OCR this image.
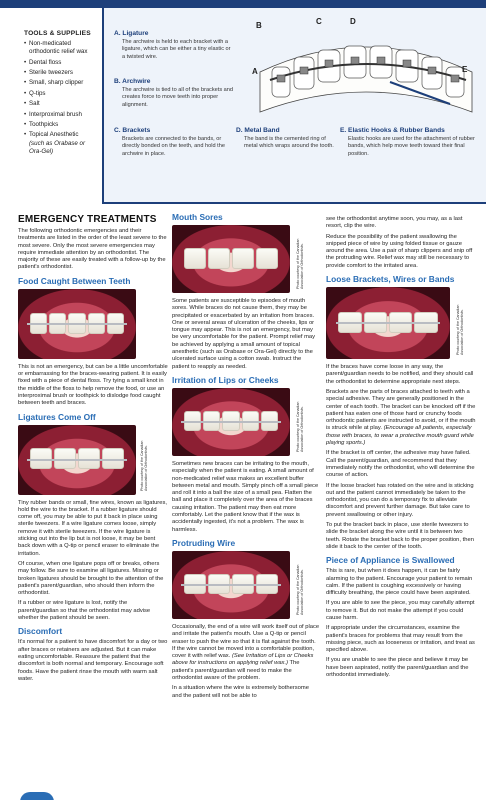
TOOLS & SUPPLIES
• Non-medicated orthodontic relief wax
• Dental floss
• Sterile tweezers
• Small, sharp clipper
• Q-tips
• Salt
• Interproximal brush
• Toothpicks
• Topical Anesthetic
(such as Orabase or Ora-Gel)
A. Ligature

The archwire is held to each bracket with a ligature, which can be either a tiny elastic or a twisted wire.

B. Archwire

The archwire is tied to all of the brackets and creates force to move teeth into proper alignment.

C. Brackets

Brackets are connected to the bands, or directly bonded on the teeth, and hold the archwire in place.

D. Metal Band

The band is the cemented ring of metal which wraps around the tooth.

E. Elastic Hooks & Rubber Bands

Elastic hooks are used for the attachment of rubber bands, which help move teeth toward their final position.

B	C	D
A	E
EMERGENCY TREATMENTS

The following orthodontic emergencies and their treatments are listed in the order of the least severe to the most severe. Only the most severe emergencies may require immediate attention by an orthodontist. The majority of these are easily treated with a follow-up by the patient's orthodontist.

Food Caught Between Teeth

This is not an emergency, but can be a little uncomfortable or embarrassing for the braces-wearing patient. It is easily fixed with a piece of dental floss. Try tying a small knot in the middle of the floss to help remove the food, or use an interproximal brush or toothpick to dislodge food caught between teeth and braces.

Ligatures Come Off
Photo courtesy of the Canadian Association of Orthodontists.

Tiny rubber bands or small, fine wires, known as ligatures, hold the wire to the bracket. If a rubber ligature should come off, you may be able to put it back in place using sterile tweezers. If a wire ligature comes loose, simply remove it with sterile tweezers. If the wire ligature is sticking out into the lip but is not loose, it may be bent back down with a Q-tip or pencil eraser to eliminate the irritation.

Of course, when one ligature pops off or breaks, others may follow. Be sure to examine all ligatures. Missing or broken ligatures should be brought to the attention of the patient's parent/guardian, who should then inform the orthodontist.

If a rubber or wire ligature is lost, notify the parent/guardian so that the orthodontist may advise whether the patient should be seen.

Discomfort

It's normal for a patient to have discomfort for a day or two after braces or retainers are adjusted. But it can make eating uncomfortable. Reassure the patient that the discomfort is both normal and temporary. Encourage soft foods. Have the patient rinse the mouth with warm salt water.

Mouth Sores
Photo courtesy of the Canadian Association of Orthodontists.

Some patients are susceptible to episodes of mouth sores. While braces do not cause them, they may be precipitated or exacerbated by an irritation from braces. One or several areas of ulceration of the cheeks, lips or tongue may appear. This is not an emergency, but may be very uncomfortable for the patient. Prompt relief may be achieved by applying a small amount of topical anesthetic (such as Orabase or Ora-Gel) directly to the ulcerated surface using a cotton swab. Instruct the patient to reapply as needed.

Irritation of Lips or Cheeks
Photo courtesy of the Canadian Association of Orthodontists.

Sometimes new braces can be irritating to the mouth, especially when the patient is eating. A small amount of non-medicated relief wax makes an excellent buffer between metal and mouth. Simply pinch off a small piece and roll it into a ball the size of a small pea. Flatten the ball and place it completely over the area of the braces causing irritation. The patient may then eat more comfortably. Let the patient know that if the wax is accidentally ingested, it's not a problem. The wax is harmless.

Protruding Wire
Photo courtesy of the Canadian Association of Orthodontists.

Occasionally, the end of a wire will work itself out of place and irritate the patient's mouth. Use a Q-tip or pencil eraser to push the wire so that it is flat against the tooth. If the wire cannot be moved into a comfortable position, cover it with relief wax. (See Irritation of Lips or Cheeks above for instructions on applying relief wax.) The patient's parent/guardian will need to make the orthodontist aware of the problem.

In a situation where the wire is extremely bothersome and the patient will not be able to

see the orthodontist anytime soon, you may, as a last resort, clip the wire.

Reduce the possibility of the patient swallowing the snipped piece of wire by using folded tissue or gauze around the area. Use a pair of sharp clippers and snip off the protruding wire. Relief wax may still be necessary to provide comfort to the irritated area.

Loose Brackets, Wires or Bands
Photo courtesy of the Canadian Association of Orthodontists.

If the braces have come loose in any way, the parent/guardian needs to be notified, and they should call the orthodontist to determine appropriate next steps.

Brackets are the parts of braces attached to teeth with a special adhesive. They are generally positioned in the center of each tooth. The bracket can be knocked off if the patient has eaten one of those hard or crunchy foods orthodontic patients are instructed to avoid, or if the mouth is struck while at play. (Encourage all patients, especially those with braces, to wear a protective mouth guard while playing sports.)

If the bracket is off center, the adhesive may have failed. Call the parent/guardian, and recommend that they immediately notify the orthodontist, who will determine the course of action.

If the loose bracket has rotated on the wire and is sticking out and the patient cannot immediately be taken to the orthodontist, you can do a temporary fix to alleviate discomfort and prevent further damage. But take care to prevent swallowing or other injury.

To put the bracket back in place, use sterile tweezers to slide the bracket along the wire until it is between two teeth. Rotate the bracket back to the proper position, then slide it back to the center of the tooth.

Piece of Appliance is Swallowed

This is rare, but when it does happen, it can be fairly alarming to the patient. Encourage your patient to remain calm. If the patient is coughing excessively or having difficulty breathing, the piece could have been aspirated.

If you are able to see the piece, you may carefully attempt to remove it. But do not make the attempt if you could cause harm.

If appropriate under the circumstances, examine the patient's braces for problems that may result from the missing piece, such as looseness or irritation, and treat as specified above.

If you are unable to see the piece and believe it may be have been aspirated, notify the parent/guardian and the orthodontist immediately.
